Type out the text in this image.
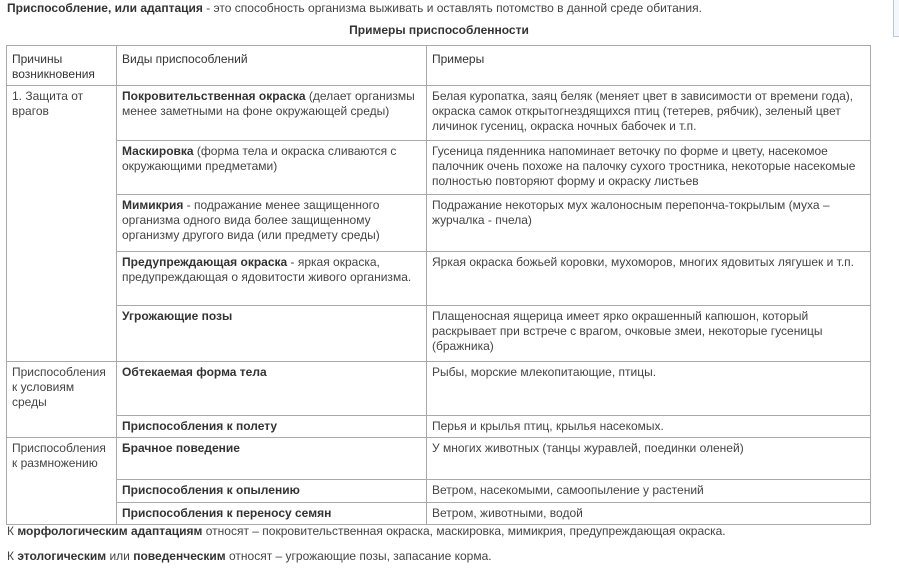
Приспособление, или адаптация - это способность организма выживать и оставлять потомство в данной среде обитания.
Примеры приспособленности
Причины возникновения	Виды приспособлений	Примеры
1. Защита от врагов	Покровительственная окраска (делает организмы менее заметными на фоне окружающей среды)	Белая куропатка, заяц беляк (меняет цвет в зависимости от времени года), окраска самок открытогнездящихся птиц (тетерев, рябчик), зеленый цвет личинок гусениц, окраска ночных бабочек и т.п.
	Маскировка (форма тела и окраска сливаются с окружающими предметами)	Гусеница пяденника напоминает веточку по форме и цвету, насекомое палочник очень похоже на палочку сухого тростника, некоторые насекомые полностью повторяют форму и окраску листьев
	Мимикрия - подражание менее защищенного организма одного вида более защищенному организму другого вида (или предмету среды)	Подражание некоторых мух жалоносным перепонча-токрылым (муха – журчалка - пчела)
	Предупреждающая окраска - яркая окраска, предупреждающая о ядовитости живого организма.	Яркая окраска божьей коровки, мухоморов, многих ядовитых лягушек и т.п.
	Угрожающие позы	Плащеносная ящерица имеет ярко окрашенный капюшон, который раскрывает при встрече с врагом, очковые змеи, некоторые гусеницы (бражника)
Приспособления к условиям среды	Обтекаемая форма тела	Рыбы, морские млекопитающие, птицы.
	Приспособления к полету	Перья и крылья птиц, крылья насекомых.
Приспособления к размножению	Брачное поведение	У многих животных (танцы журавлей, поединки оленей)
	Приспособления к опылению	Ветром, насекомыми, самоопыление у растений
	Приспособления к переносу семян	Ветром, животными, водой
К морфологическим адаптациям относят – покровительственная окраска, маскировка, мимикрия, предупреждающая окраска.
К этологическим или поведенческим относят – угрожающие позы, запасание корма.
